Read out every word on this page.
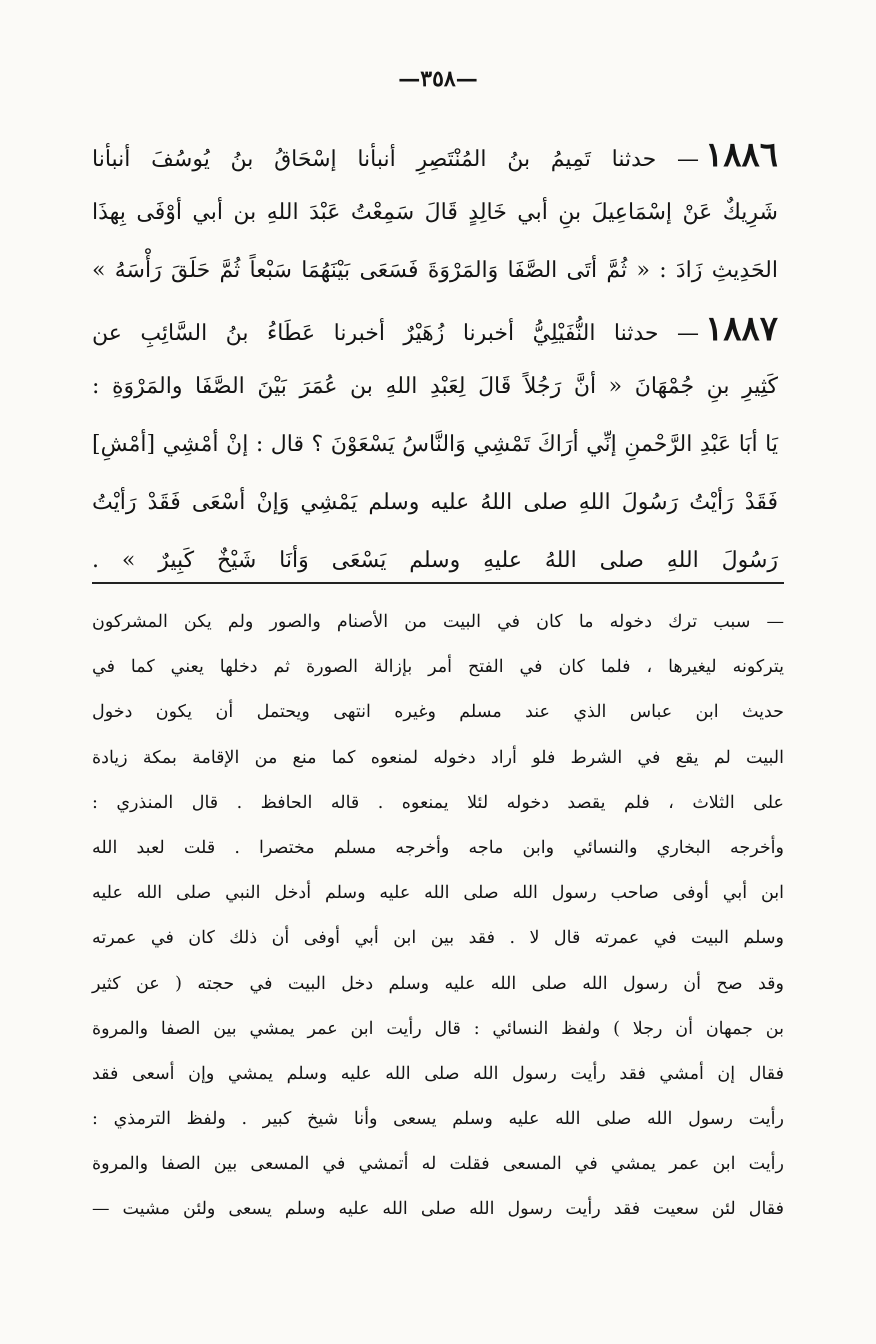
—٣٥٨—
١٨٨٦— حدثنا تَمِيمُ بنُ المُنْتَصِرِ أنبأنا إسْحَاقُ بنُ يُوسُفَ أنبأنا
شَرِيكٌ عَنْ إسْمَاعِيلَ بنِ أبي خَالِدٍ قَالَ سَمِعْتُ عَبْدَ اللهِ بن أبي أوْفَى بِهذَا
الحَدِيثِ زَادَ : « ثُمَّ أتَى الصَّفَا وَالمَرْوَةَ فَسَعَى بَيْنَهُمَا سَبْعاً ثُمَّ حَلَقَ رَأْسَهُ »
١٨٨٧— حدثنا النُّفَيْلِيُّ أخبرنا زُهَيْرٌ أخبرنا عَطَاءُ بنُ السَّائِبِ عن
كَثِيرِ بنِ جُمْهَانَ « أنَّ رَجُلاً قَالَ لِعَبْدِ اللهِ بن عُمَرَ بَيْنَ الصَّفَا والمَرْوَةِ :
يَا أبَا عَبْدِ الرَّحْمنِ إنِّي أرَاكَ تَمْشِي وَالنَّاسُ يَسْعَوْنَ ؟ قال : إنْ أمْشِي [أمْشِ]
فَقَدْ رَأيْتُ رَسُولَ اللهِ صلى اللهُ عليه وسلم يَمْشِي وَإنْ أسْعَى فَقَدْ رَأيْتُ
رَسُولَ اللهِ صلى اللهُ عليهِ وسلم يَسْعَى وَأنَا شَيْخٌ كَبِيرٌ » .
— سبب ترك دخوله ما كان في البيت من الأصنام والصور ولم يكن المشركون
يتركونه ليغيرها ، فلما كان في الفتح أمر بإزالة الصورة ثم دخلها يعني كما في
حديث ابن عباس الذي عند مسلم وغيره انتهى ويحتمل أن يكون دخول
البيت لم يقع في الشرط فلو أراد دخوله لمنعوه كما منع من الإقامة بمكة زيادة
على الثلاث ، فلم يقصد دخوله لئلا يمنعوه . قاله الحافظ . قال المنذري :
وأخرجه البخاري والنسائي وابن ماجه وأخرجه مسلم مختصرا . قلت لعبد الله
ابن أبي أوفى صاحب رسول الله صلى الله عليه وسلم أدخل النبي صلى الله عليه
وسلم البيت في عمرته قال لا . فقد بين ابن أبي أوفى أن ذلك كان في عمرته
وقد صح أن رسول الله صلى الله عليه وسلم دخل البيت في حجته ( عن كثير
بن جمهان أن رجلا ) ولفظ النسائي : قال رأيت ابن عمر يمشي بين الصفا والمروة
فقال إن أمشي فقد رأيت رسول الله صلى الله عليه وسلم يمشي وإن أسعى فقد
رأيت رسول الله صلى الله عليه وسلم يسعى وأنا شيخ كبير . ولفظ الترمذي :
رأيت ابن عمر يمشي في المسعى فقلت له أتمشي في المسعى بين الصفا والمروة
فقال لئن سعيت فقد رأيت رسول الله صلى الله عليه وسلم يسعى ولئن مشيت —
